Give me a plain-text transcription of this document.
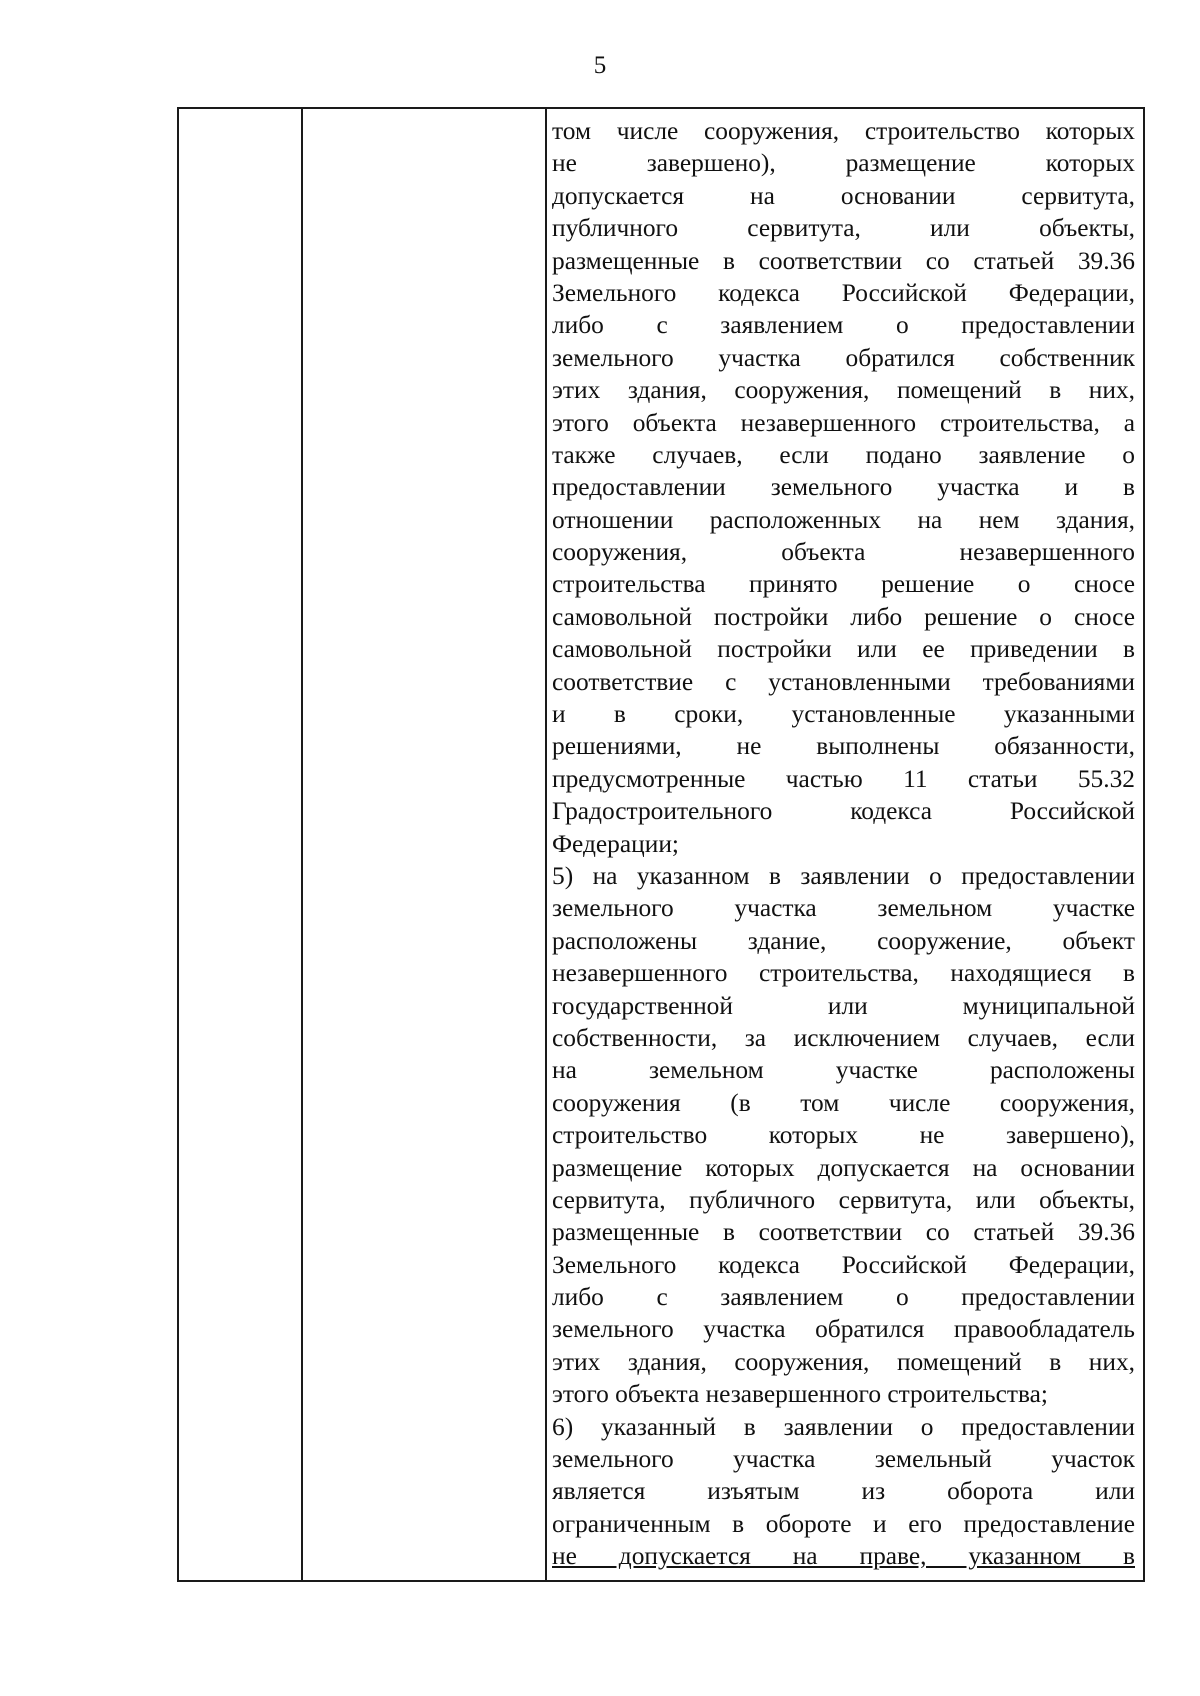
5
том числе сооружения, строительство которых
не завершено), размещение которых
допускается на основании сервитута,
публичного сервитута, или объекты,
размещенные в соответствии со статьей 39.36
Земельного кодекса Российской Федерации,
либо с заявлением о предоставлении
земельного участка обратился собственник
этих здания, сооружения, помещений в них,
этого объекта незавершенного строительства, а
также случаев, если подано заявление о
предоставлении земельного участка и в
отношении расположенных на нем здания,
сооружения, объекта незавершенного
строительства принято решение о сносе
самовольной постройки либо решение о сносе
самовольной постройки или ее приведении в
соответствие с установленными требованиями
и в сроки, установленные указанными
решениями, не выполнены обязанности,
предусмотренные частью 11 статьи 55.32
Градостроительного кодекса Российской
Федерации;
5) на указанном в заявлении о предоставлении
земельного участка земельном участке
расположены здание, сооружение, объект
незавершенного строительства, находящиеся в
государственной или муниципальной
собственности, за исключением случаев, если
на земельном участке расположены
сооружения (в том числе сооружения,
строительство которых не завершено),
размещение которых допускается на основании
сервитута, публичного сервитута, или объекты,
размещенные в соответствии со статьей 39.36
Земельного кодекса Российской Федерации,
либо с заявлением о предоставлении
земельного участка обратился правообладатель
этих здания, сооружения, помещений в них,
этого объекта незавершенного строительства;
6) указанный в заявлении о предоставлении
земельного участка земельный участок
является изъятым из оборота или
ограниченным в обороте и его предоставление
не допускается на праве, указанном в
